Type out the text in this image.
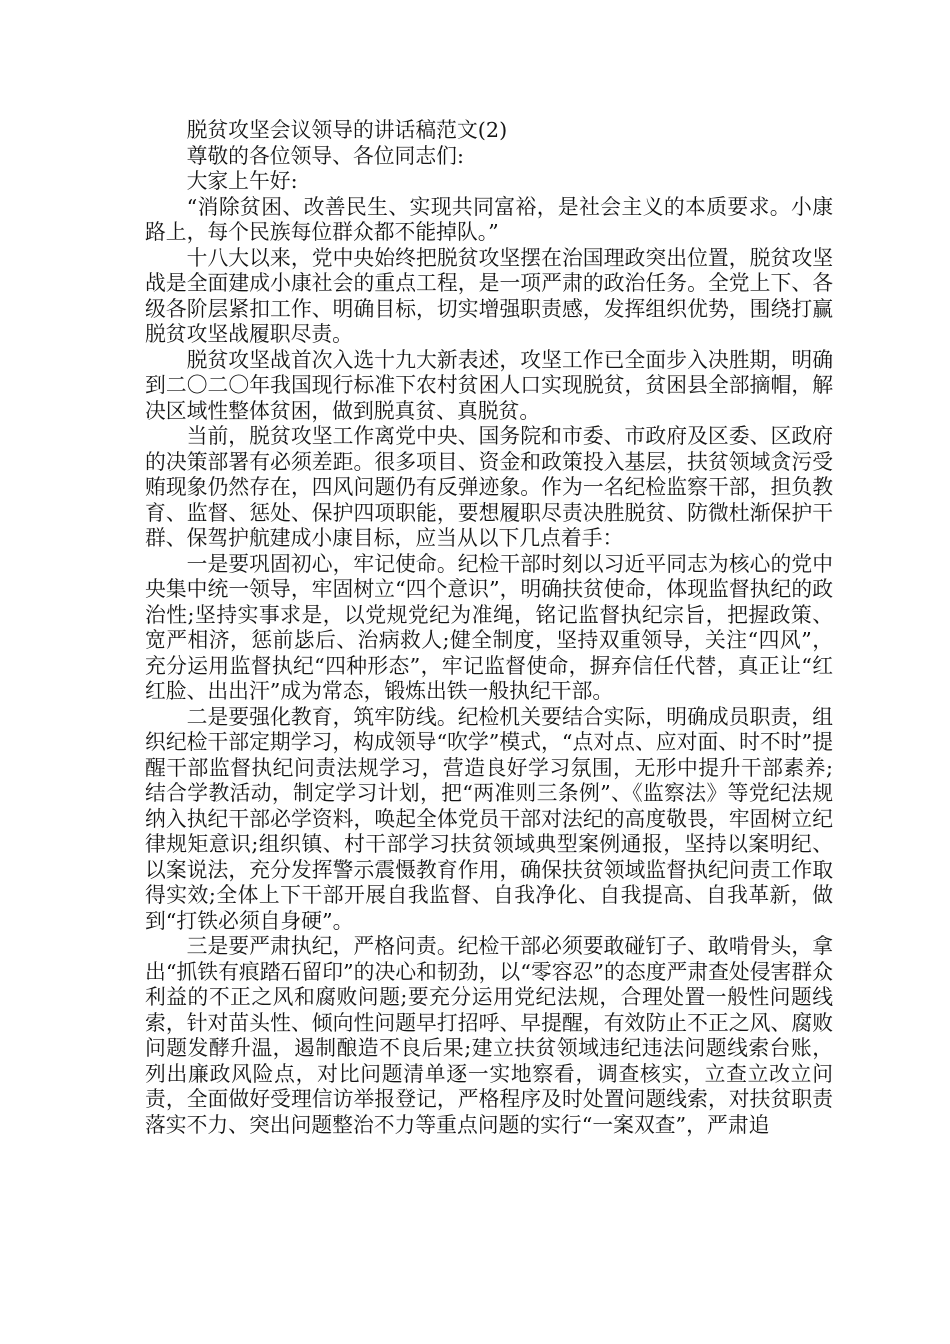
脱贫攻坚会议领导的讲话稿范文(2)

尊敬的各位领导、各位同志们:

大家上午好:

“消除贫困、改善民生、实现共同富裕，是社会主义的本质要求。小康路上，每个民族每位群众都不能掉队。”

十八大以来，党中央始终把脱贫攻坚摆在治国理政突出位置，脱贫攻坚战是全面建成小康社会的重点工程，是一项严肃的政治任务。全党上下、各级各阶层紧扣工作、明确目标，切实增强职责感，发挥组织优势，围绕打赢脱贫攻坚战履职尽责。

脱贫攻坚战首次入选十九大新表述，攻坚工作已全面步入决胜期，明确到二〇二〇年我国现行标准下农村贫困人口实现脱贫，贫困县全部摘帽，解决区域性整体贫困，做到脱真贫、真脱贫。

当前，脱贫攻坚工作离党中央、国务院和市委、市政府及区委、区政府的决策部署有必须差距。很多项目、资金和政策投入基层，扶贫领域贪污受贿现象仍然存在，四风问题仍有反弹迹象。作为一名纪检监察干部，担负教育、监督、惩处、保护四项职能，要想履职尽责决胜脱贫、防微杜渐保护干群、保驾护航建成小康目标，应当从以下几点着手：

一是要巩固初心，牢记使命。纪检干部时刻以习近平同志为核心的党中央集中统一领导，牢固树立“四个意识”，明确扶贫使命，体现监督执纪的政治性;坚持实事求是，以党规党纪为准绳，铭记监督执纪宗旨，把握政策、宽严相济，惩前毖后、治病救人;健全制度，坚持双重领导，关注“四风”，充分运用监督执纪“四种形态”，牢记监督使命，摒弃信任代替，真正让“红红脸、出出汗”成为常态，锻炼出铁一般执纪干部。

二是要强化教育，筑牢防线。纪检机关要结合实际，明确成员职责，组织纪检干部定期学习，构成领导“吹学”模式，“点对点、应对面、时不时”提醒干部监督执纪问责法规学习，营造良好学习氛围，无形中提升干部素养;结合学教活动，制定学习计划，把“两准则三条例”、《监察法》等党纪法规纳入执纪干部必学资料，唤起全体党员干部对法纪的高度敬畏，牢固树立纪律规矩意识;组织镇、村干部学习扶贫领域典型案例通报，坚持以案明纪、以案说法，充分发挥警示震慑教育作用，确保扶贫领域监督执纪问责工作取得实效;全体上下干部开展自我监督、自我净化、自我提高、自我革新，做到“打铁必须自身硬”。

三是要严肃执纪，严格问责。纪检干部必须要敢碰钉子、敢啃骨头，拿出“抓铁有痕踏石留印”的决心和韧劲，以“零容忍”的态度严肃查处侵害群众利益的不正之风和腐败问题;要充分运用党纪法规，合理处置一般性问题线索，针对苗头性、倾向性问题早打招呼、早提醒，有效防止不正之风、腐败问题发酵升温，遏制酿造不良后果;建立扶贫领域违纪违法问题线索台账，列出廉政风险点，对比问题清单逐一实地察看，调查核实，立查立改立问责，全面做好受理信访举报登记，严格程序及时处置问题线索，对扶贫职责落实不力、突出问题整治不力等重点问题的实行“一案双查”，严肃追
